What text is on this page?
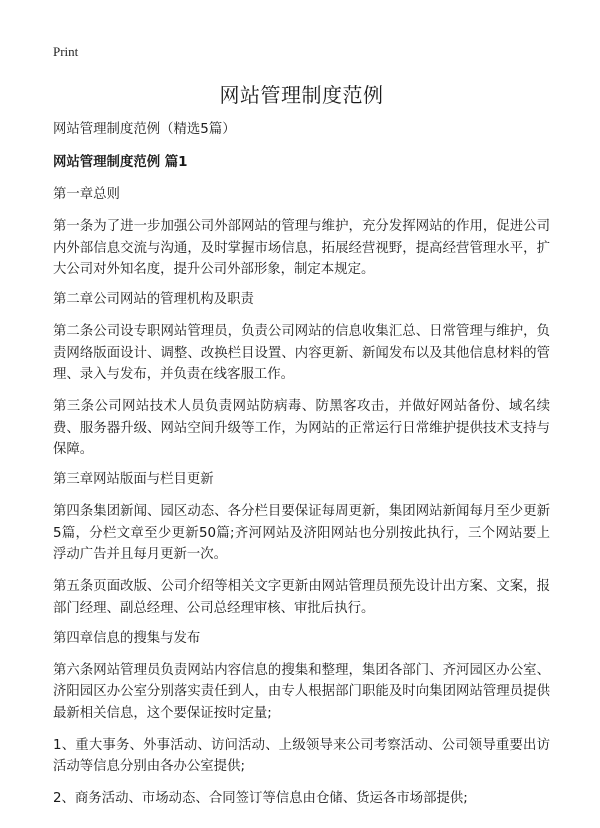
Print
网站管理制度范例

网站管理制度范例（精选5篇）

网站管理制度范例 篇1

第一章总则

第一条为了进一步加强公司外部网站的管理与维护，充分发挥网站的作用，促进公司内外部信息交流与沟通，及时掌握市场信息，拓展经营视野，提高经营管理水平，扩大公司对外知名度，提升公司外部形象，制定本规定。

第二章公司网站的管理机构及职责

第二条公司设专职网站管理员，负责公司网站的信息收集汇总、日常管理与维护，负责网络版面设计、调整、改换栏目设置、内容更新、新闻发布以及其他信息材料的管理、录入与发布，并负责在线客服工作。

第三条公司网站技术人员负责网站防病毒、防黑客攻击，并做好网站备份、域名续费、服务器升级、网站空间升级等工作，为网站的正常运行日常维护提供技术支持与保障。

第三章网站版面与栏目更新

第四条集团新闻、园区动态、各分栏目要保证每周更新，集团网站新闻每月至少更新5篇，分栏文章至少更新50篇;齐河网站及济阳网站也分别按此执行，三个网站要上浮动广告并且每月更新一次。

第五条页面改版、公司介绍等相关文字更新由网站管理员预先设计出方案、文案，报部门经理、副总经理、公司总经理审核、审批后执行。

第四章信息的搜集与发布

第六条网站管理员负责网站内容信息的搜集和整理，集团各部门、齐河园区办公室、济阳园区办公室分别落实责任到人，由专人根据部门职能及时向集团网站管理员提供最新相关信息，这个要保证按时定量;

1、重大事务、外事活动、访问活动、上级领导来公司考察活动、公司领导重要出访活动等信息分别由各办公室提供;

2、商务活动、市场动态、合同签订等信息由仓储、货运各市场部提供;
